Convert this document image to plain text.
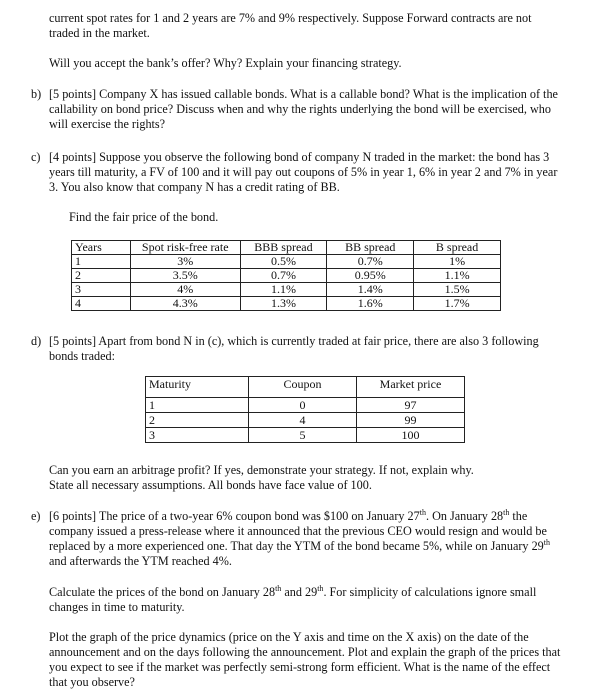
current spot rates for 1 and 2 years are 7% and 9% respectively. Suppose Forward contracts are not

traded in the market.

Will you accept the bank’s offer? Why? Explain your financing strategy.

b) [5 points] Company X has issued callable bonds. What is a callable bond? What is the implication of the

callability on bond price? Discuss when and why the rights underlying the bond will be exercised, who

will exercise the rights?

c) [4 points] Suppose you observe the following bond of company N traded in the market: the bond has 3

years till maturity, a FV of 100 and it will pay out coupons of 5% in year 1, 6% in year 2 and 7% in year

3. You also know that company N has a credit rating of BB.

Find the fair price of the bond.

Years	Spot risk-free rate	BBB spread	BB spread	B spread
1	3%	0.5%	0.7%	1%
2	3.5%	0.7%	0.95%	1.1%
3	4%	1.1%	1.4%	1.5%
4	4.3%	1.3%	1.6%	1.7%
d) [5 points] Apart from bond N in (c), which is currently traded at fair price, there are also 3 following

bonds traded:

Maturity	Coupon	Market price
1	0	97
2	4	99
3	5	100

Can you earn an arbitrage profit? If yes, demonstrate your strategy. If not, explain why.

State all necessary assumptions. All bonds have face value of 100.

e) [6 points] The price of a two-year 6% coupon bond was $100 on January 27th. On January 28th the

company issued a press-release where it announced that the previous CEO would resign and would be

replaced by a more experienced one. That day the YTM of the bond became 5%, while on January 29th

and afterwards the YTM reached 4%.

Calculate the prices of the bond on January 28th and 29th. For simplicity of calculations ignore small

changes in time to maturity.

Plot the graph of the price dynamics (price on the Y axis and time on the X axis) on the date of the

announcement and on the days following the announcement. Plot and explain the graph of the prices that

you expect to see if the market was perfectly semi-strong form efficient. What is the name of the effect

that you observe?
